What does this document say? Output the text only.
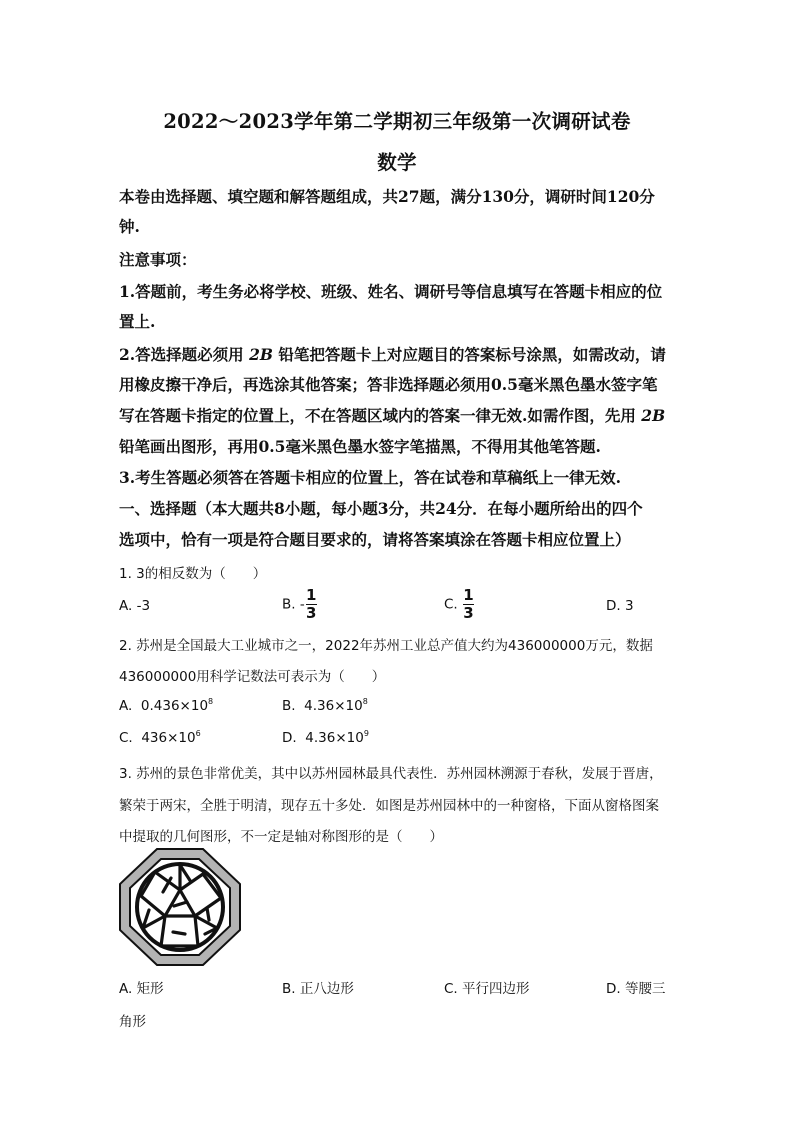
2022～2023学年第二学期初三年级第一次调研试卷
数学
本卷由选择题、填空题和解答题组成，共27题，满分130分，调研时间120分
钟.
注意事项：
1.答题前，考生务必将学校、班级、姓名、调研号等信息填写在答题卡相应的位
置上.
2.答选择题必须用 2B 铅笔把答题卡上对应题目的答案标号涂黑，如需改动，请
用橡皮擦干净后，再选涂其他答案；答非选择题必须用0.5毫米黑色墨水签字笔
写在答题卡指定的位置上，不在答题区域内的答案一律无效.如需作图，先用 2B
铅笔画出图形，再用0.5毫米黑色墨水签字笔描黑，不得用其他笔答题.
3.考生答题必须答在答题卡相应的位置上，答在试卷和草稿纸上一律无效.
一、选择题（本大题共8小题，每小题3分，共24分．在每小题所给出的四个
选项中，恰有一项是符合题目要求的，请将答案填涂在答题卡相应位置上）
1. 3的相反数为（　　）
A. -3	B. - $\frac{1}{3}$	C. $\frac{1}{3}$	D. 3
2. 苏州是全国最大工业城市之一，2022年苏州工业总产值大约为436000000万元，数据
436000000用科学记数法可表示为（　　）
A. $0.436\times 10^8$	B. $4.36\times 10^8$
C. $436\times 10^6$	D. $4.36\times 10^9$
3. 苏州的景色非常优美，其中以苏州园林最具代表性．苏州园林溯源于春秋，发展于晋唐，
繁荣于两宋，全胜于明清，现存五十多处．如图是苏州园林中的一种窗格，下面从窗格图案
中提取的几何图形，不一定是轴对称图形的是（　　）
A. 矩形	B. 正八边形	C. 平行四边形	D. 等腰三
角形
